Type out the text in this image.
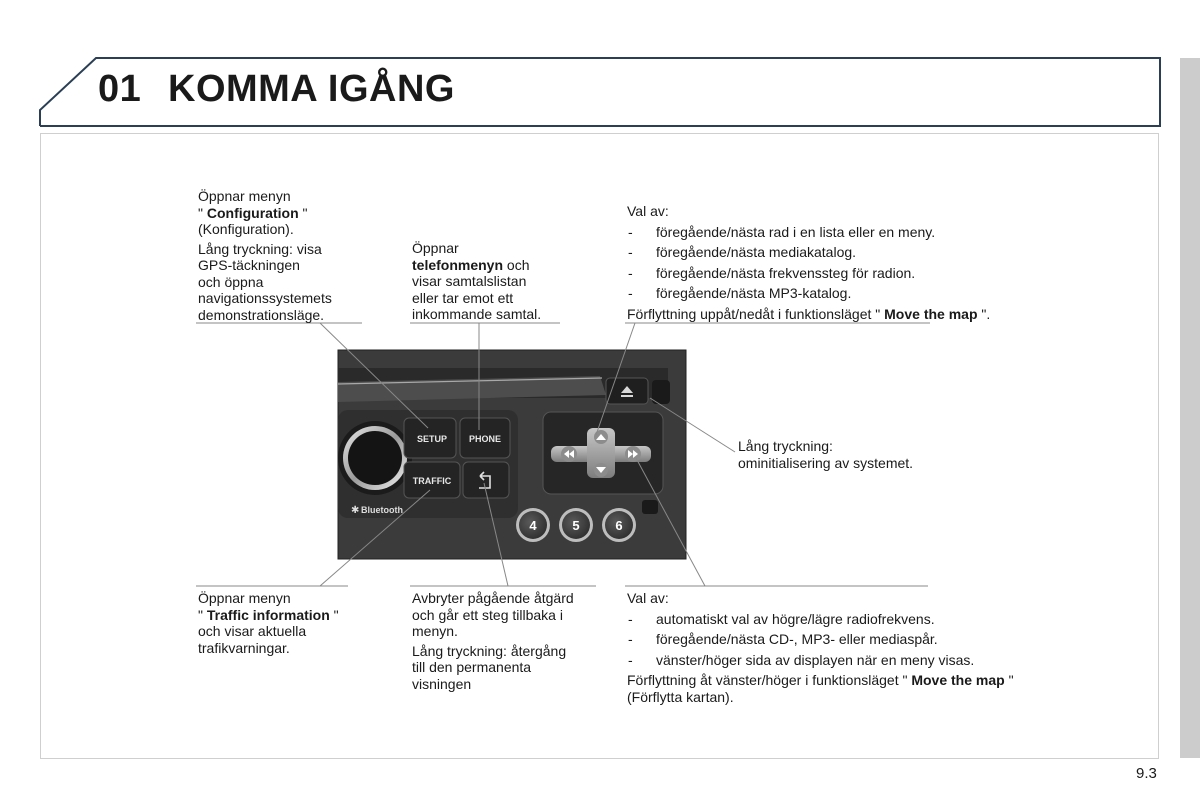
01 KOMMA IGÅNG
SETUP PHONE
TRAFFIC
✱ Bluetooth
4	5	6
Öppnar menyn
" Configuration "
(Konfiguration).
Lång tryckning: visa
GPS-täckningen
och öppna
navigationssystemets
demonstrationsläge.
Öppnar
telefonmenyn och
visar samtalslistan
eller tar emot ett
inkommande samtal.
Val av:
- föregående/nästa rad i en lista eller en meny.
- föregående/nästa mediakatalog.
- föregående/nästa frekvenssteg för radion.
- föregående/nästa MP3-katalog.
Förflyttning uppåt/nedåt i funktionsläget " Move the map ".
Lång tryckning:
ominitialisering av systemet.
Öppnar menyn
" Traffic information "
och visar aktuella
trafikvarningar.
Avbryter pågående åtgärd
och går ett steg tillbaka i
menyn.
Lång tryckning: återgång
till den permanenta
visningen
Val av:
- automatiskt val av högre/lägre radiofrekvens.
- föregående/nästa CD-, MP3- eller mediaspår.
- vänster/höger sida av displayen när en meny visas.
Förflyttning åt vänster/höger i funktionsläget " Move the map "
(Förflytta kartan).
9.3
